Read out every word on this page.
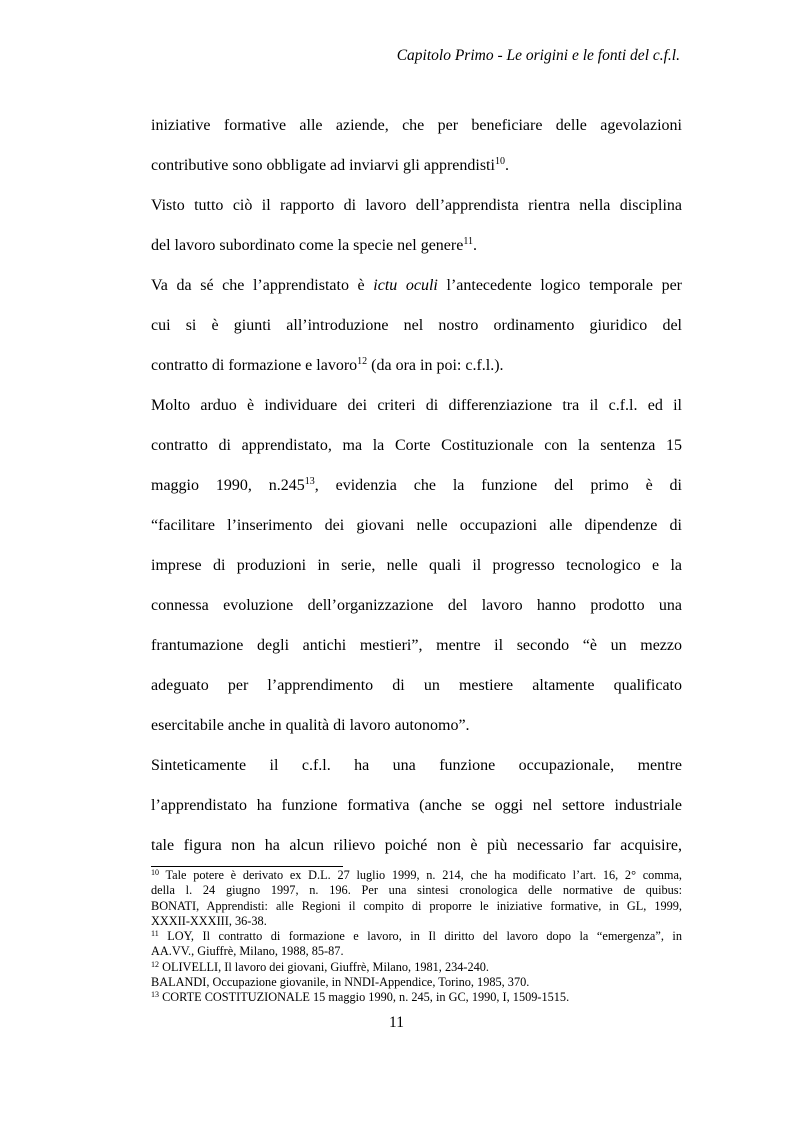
Capitolo Primo - Le origini e le fonti del c.f.l.
iniziative formative alle aziende, che per beneficiare delle agevolazioni
contributive sono obbligate ad inviarvi gli apprendisti$^{10}$.
Visto tutto ciò il rapporto di lavoro dell’apprendista rientra nella disciplina
del lavoro subordinato come la specie nel genere$^{11}$.
Va da sé che l’apprendistato è ictu oculi l’antecedente logico temporale per
cui si è giunti all’introduzione nel nostro ordinamento giuridico del
contratto di formazione e lavoro$^{12}$ (da ora in poi: c.f.l.).
Molto arduo è individuare dei criteri di differenziazione tra il c.f.l. ed il
contratto di apprendistato, ma la Corte Costituzionale con la sentenza 15
maggio 1990, n.245$^{13}$, evidenzia che la funzione del primo è di
“facilitare l’inserimento dei giovani nelle occupazioni alle dipendenze di
imprese di produzioni in serie, nelle quali il progresso tecnologico e la
connessa evoluzione dell’organizzazione del lavoro hanno prodotto una
frantumazione degli antichi mestieri”, mentre il secondo “è un mezzo
adeguato per l’apprendimento di un mestiere altamente qualificato
esercitabile anche in qualità di lavoro autonomo”.
Sinteticamente il c.f.l. ha una funzione occupazionale, mentre
l’apprendistato ha funzione formativa (anche se oggi nel settore industriale
tale figura non ha alcun rilievo poiché non è più necessario far acquisire,
$^{10}$ Tale potere è derivato ex D.L. 27 luglio 1999, n. 214, che ha modificato l’art. 16, 2° comma,
della l. 24 giugno 1997, n. 196. Per una sintesi cronologica delle normative de quibus:
BONATI, Apprendisti: alle Regioni il compito di proporre le iniziative formative, in GL, 1999,
XXXII-XXXIII, 36-38.
$^{11}$ LOY, Il contratto di formazione e lavoro, in Il diritto del lavoro dopo la “emergenza”, in
AA.VV., Giuffrè, Milano, 1988, 85-87.
$^{12}$ OLIVELLI, Il lavoro dei giovani, Giuffrè, Milano, 1981, 234-240.
BALANDI, Occupazione giovanile, in NNDI-Appendice, Torino, 1985, 370.
$^{13}$ CORTE COSTITUZIONALE 15 maggio 1990, n. 245, in GC, 1990, I, 1509-1515.
11
